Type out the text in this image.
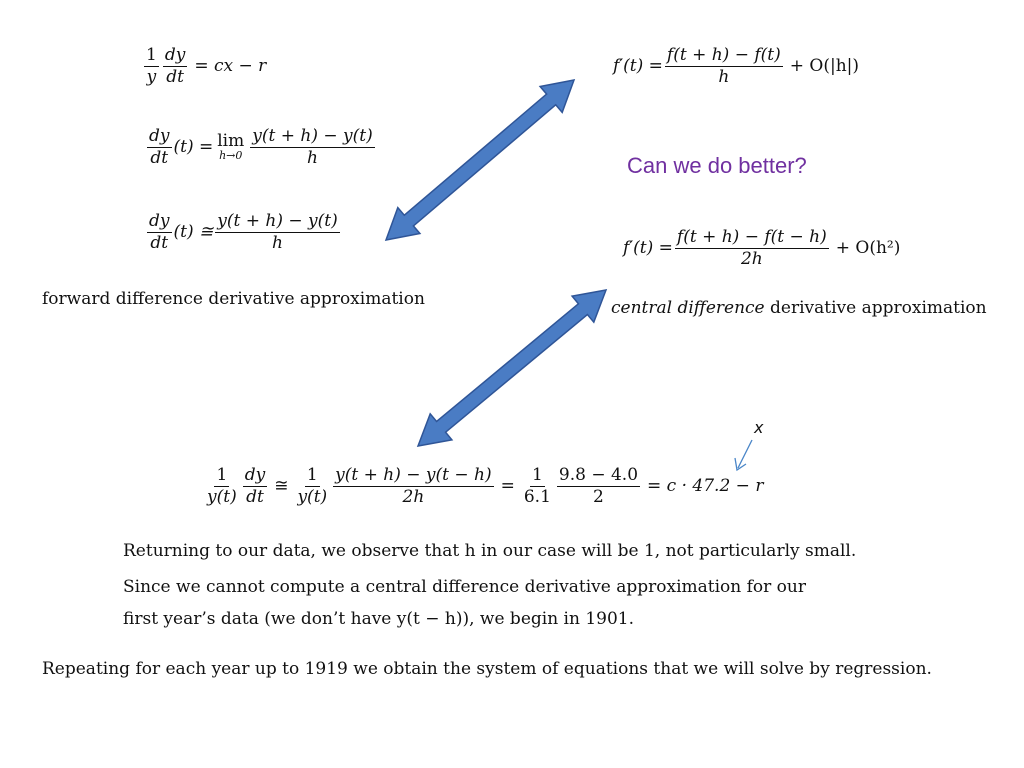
$\frac{1}{y} \frac{dy}{dt}$ = cx − r
$\frac{dy}{dt} (t) = \lim$
$h\to 0 \frac{y(t + h) - y(t)}{h}$
$\frac{dy}{dt} (t)$ ≅ $\frac{y(t + h) - y(t)}{h}$
forward difference derivative approximation
$f'(t) = \frac{f(t + h) - f(t)}{h} + O(|h|)$
Can we do better?
$f'(t) = \frac{f(t + h) - f(t - h)}{2h} + O(h^2)$
central difference derivative approximation
x
$\frac{1}{y(t)} \frac{dy}{dt}$ ≅ $\frac{1}{y(t)} \frac{y(t + h) - y(t - h)}{2h} = \frac{1}{6.1} \frac{9.8 - 4.0}{2} = c \cdot 47.2 - r$
Returning to our data, we observe that h in our case will be 1, not particularly small.
Since we cannot compute a central difference derivative approximation for our
first year’s data (we don’t have y(t − h)), we begin in 1901.
Repeating for each year up to 1919 we obtain the system of equations that we will solve by regression.
